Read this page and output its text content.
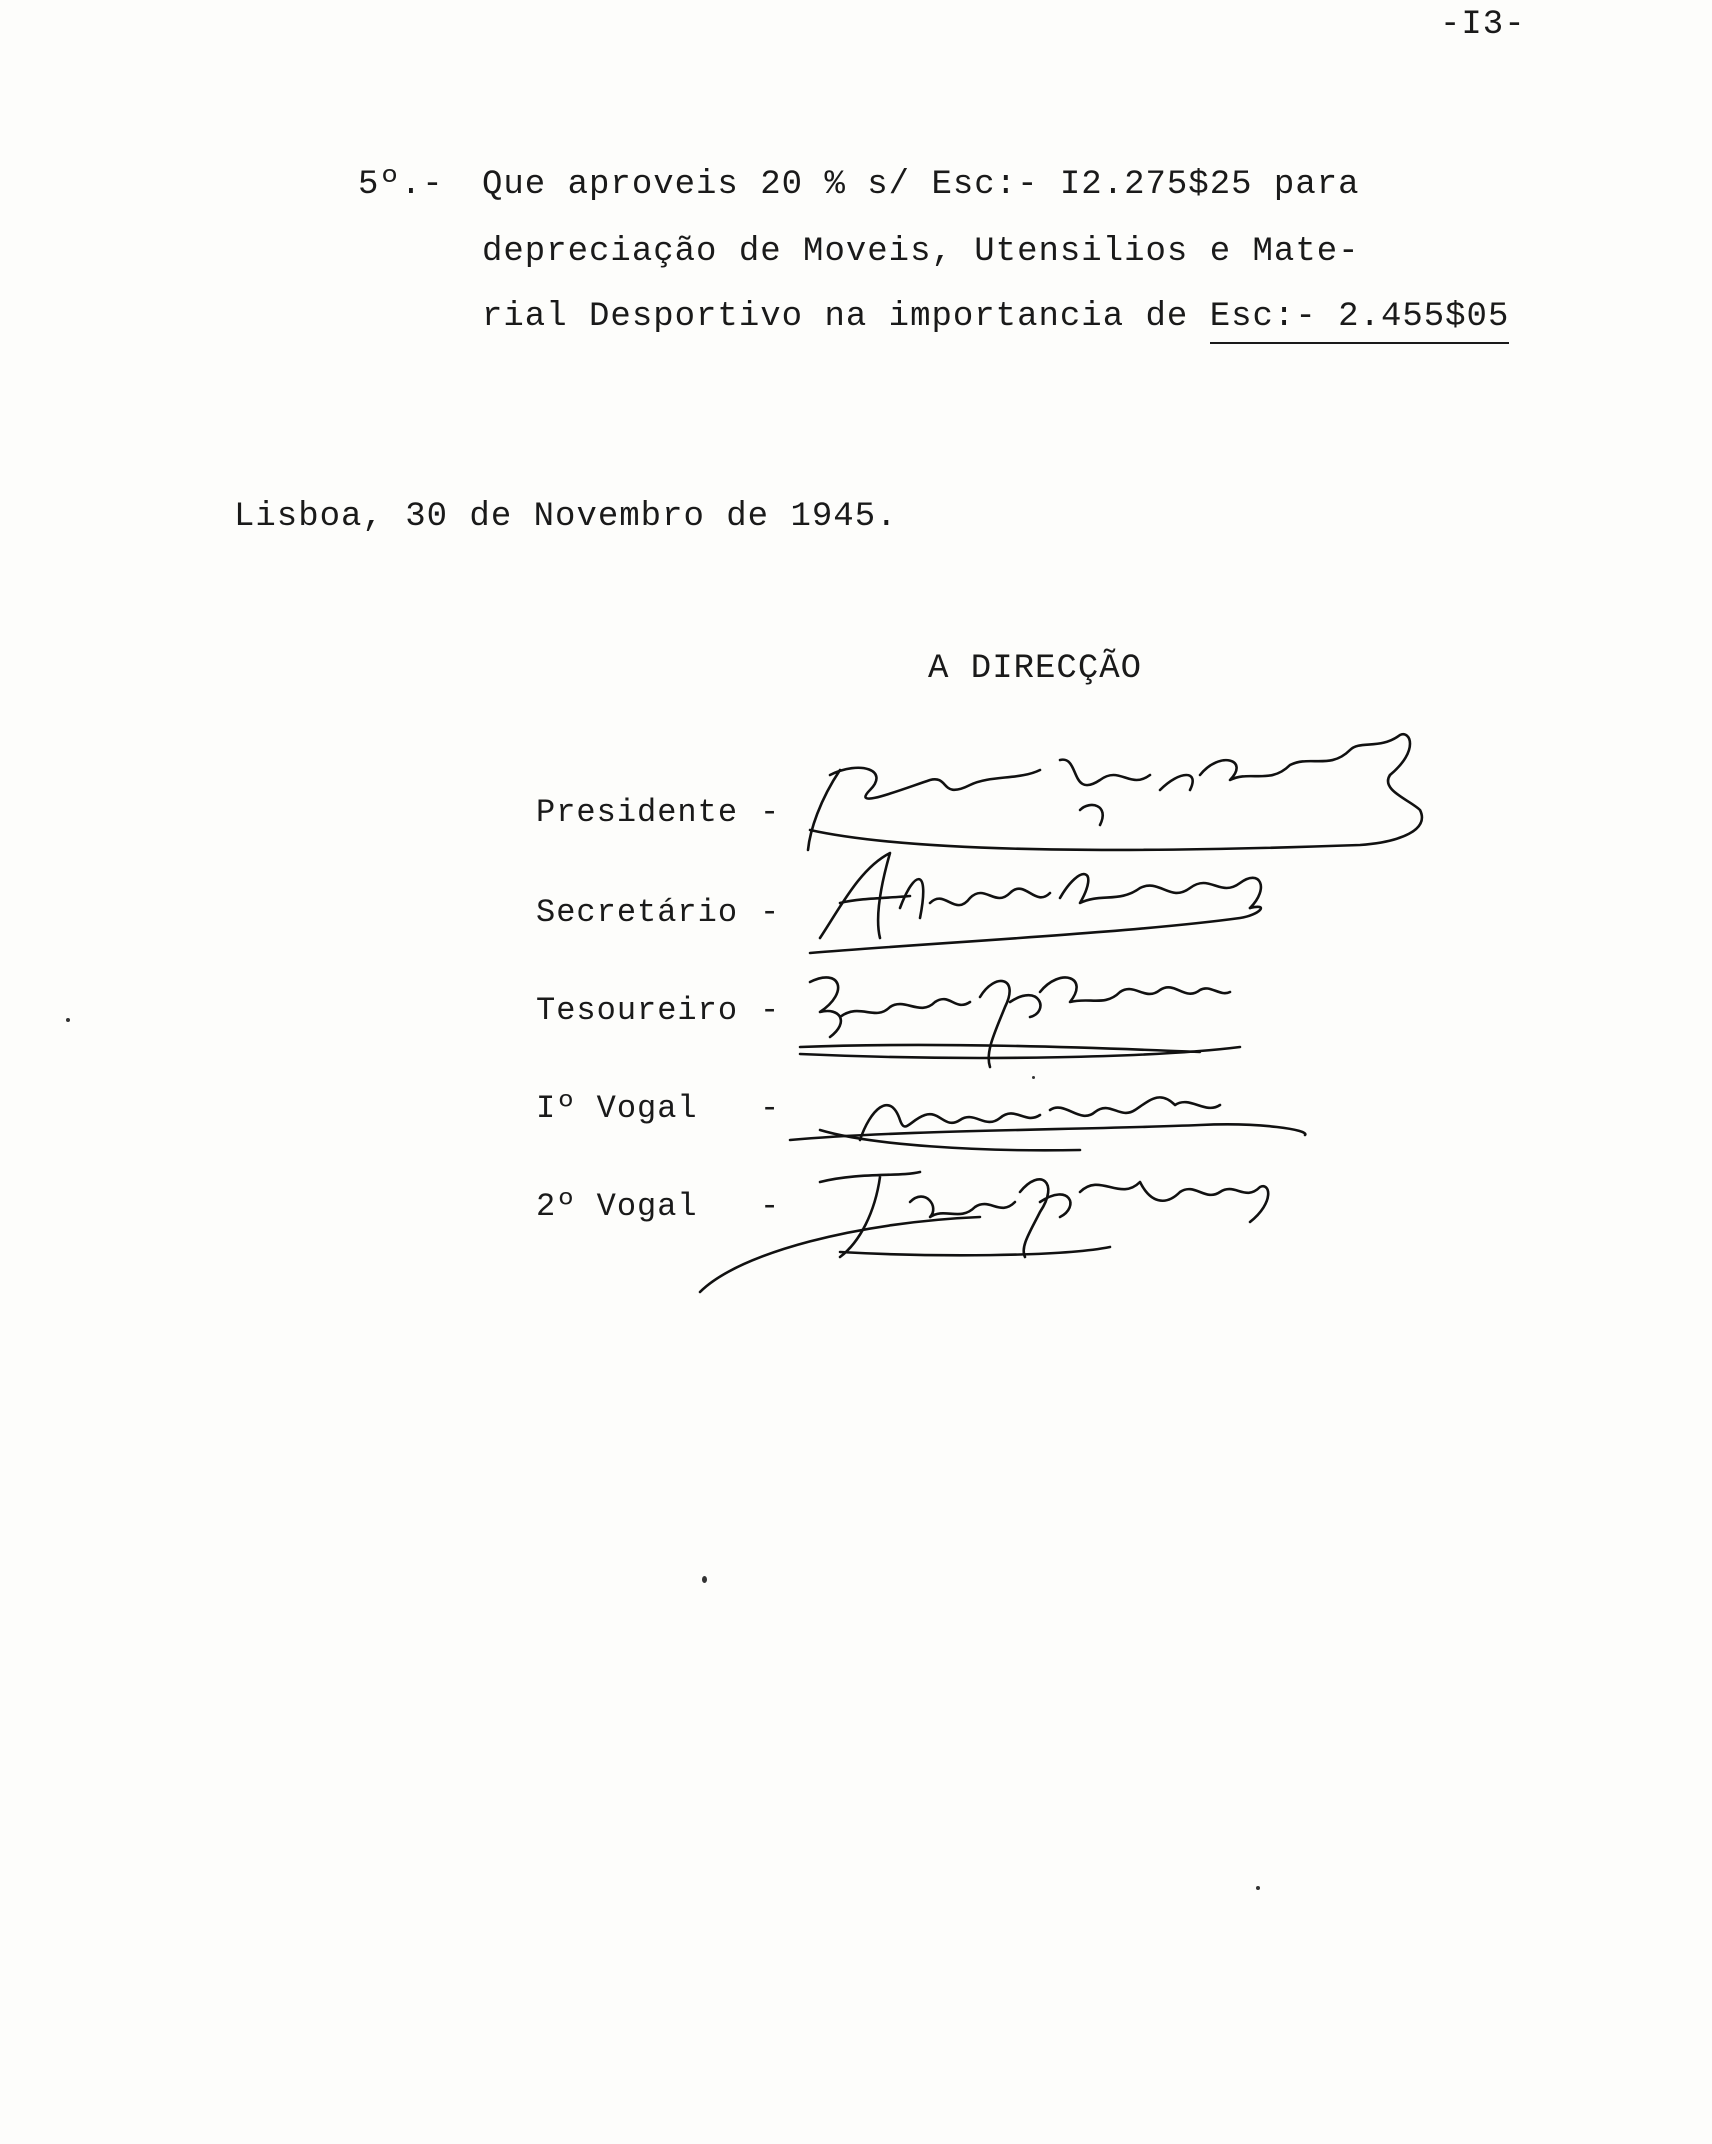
-I3-
5º.- Que aproveis 20 % s/ Esc:- I2.275$25 para
depreciação de Moveis, Utensilios e Mate-
rial Desportivo na importancia de Esc:- 2.455$05
Lisboa, 30 de Novembro de 1945.
A DIRECÇÃO
Presidente -
Secretário -
Tesoureiro -
Iº Vogal -
2º Vogal -
